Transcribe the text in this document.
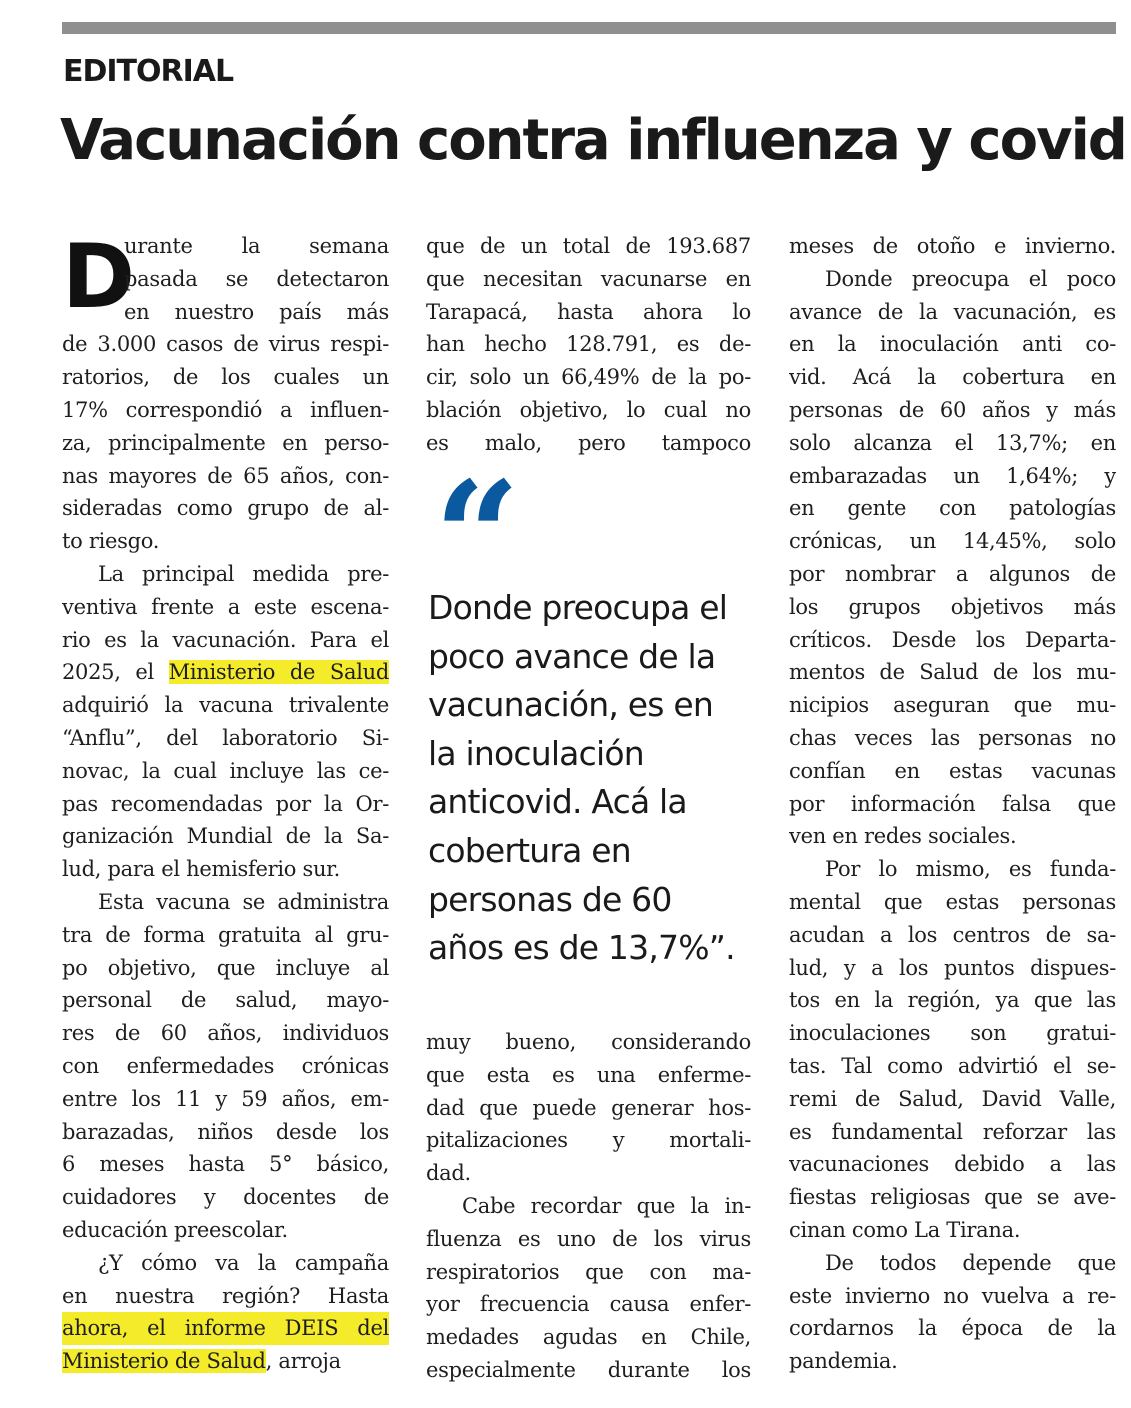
EDITORIAL
Vacunación contra influenza y covid
D
urante la semana
pasada se detectaron
en nuestro país más
de 3.000 casos de virus respi-
ratorios, de los cuales un
17% correspondió a influen-
za, principalmente en perso-
nas mayores de 65 años, con-
sideradas como grupo de al-
to riesgo.
La principal medida pre-
ventiva frente a este escena-
rio es la vacunación. Para el
2025, el Ministerio de Salud
adquirió la vacuna trivalente
“Anflu”, del laboratorio Si-
novac, la cual incluye las ce-
pas recomendadas por la Or-
ganización Mundial de la Sa-
lud, para el hemisferio sur.
Esta vacuna se administra
tra de forma gratuita al gru-
po objetivo, que incluye al
personal de salud, mayo-
res de 60 años, individuos
con enfermedades crónicas
entre los 11 y 59 años, em-
barazadas, niños desde los
6 meses hasta 5° básico,
cuidadores y docentes de
educación preescolar.
¿Y cómo va la campaña
en nuestra región? Hasta
ahora, el informe DEIS del
Ministerio de Salud, arroja
que de un total de 193.687
que necesitan vacunarse en
Tarapacá, hasta ahora lo
han hecho 128.791, es de-
cir, solo un 66,49% de la po-
blación objetivo, lo cual no
es malo, pero tampoco
“
Donde preocupa el
poco avance de la
vacunación, es en
la inoculación
anticovid. Acá la
cobertura en
personas de 60
años es de 13,7%”.
muy bueno, considerando
que esta es una enferme-
dad que puede generar hos-
pitalizaciones y mortali-
dad.
Cabe recordar que la in-
fluenza es uno de los virus
respiratorios que con ma-
yor frecuencia causa enfer-
medades agudas en Chile,
especialmente durante los
meses de otoño e invierno.
Donde preocupa el poco
avance de la vacunación, es
en la inoculación anti co-
vid. Acá la cobertura en
personas de 60 años y más
solo alcanza el 13,7%; en
embarazadas un 1,64%; y
en gente con patologías
crónicas, un 14,45%, solo
por nombrar a algunos de
los grupos objetivos más
críticos. Desde los Departa-
mentos de Salud de los mu-
nicipios aseguran que mu-
chas veces las personas no
confían en estas vacunas
por información falsa que
ven en redes sociales.
Por lo mismo, es funda-
mental que estas personas
acudan a los centros de sa-
lud, y a los puntos dispues-
tos en la región, ya que las
inoculaciones son gratui-
tas. Tal como advirtió el se-
remi de Salud, David Valle,
es fundamental reforzar las
vacunaciones debido a las
fiestas religiosas que se ave-
cinan como La Tirana.
De todos depende que
este invierno no vuelva a re-
cordarnos la época de la
pandemia.
